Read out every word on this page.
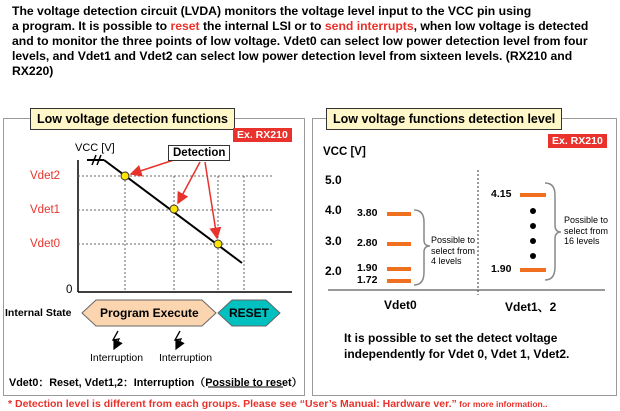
The voltage detection circuit (LVDA) monitors the voltage level input to the VCC pin using
a program. It is possible to reset the internal LSI or to send interrupts, when low voltage is detected and to monitor the three points of low voltage. Vdet0 can select low power detection level from four levels, and Vdet1 and Vdet2 can select low power detection level from sixteen levels. (RX210 and RX220)
Low voltage detection functions
Ex. RX210
VCC [V]	Detection
Vdet2
Vdet1
Vdet0
0
Internal State Program Execute	RESET
Interruption Interruption
Vdet0：Reset, Vdet1,2：Interruption（Possible to reset）
Low voltage functions detection level
Ex. RX210
VCC [V]
5.0
4.0
3.0
2.0
3.80
2.80
1.90
1.72
4.15
1.90
Possible to
select from
4 levels
Possible to
select from
16 levels
Vdet0	Vdet1、2
It is possible to set the detect voltage
independently for Vdet 0, Vdet 1, Vdet2.
* Detection level is different from each groups. Please see “User’s Manual: Hardware ver.” for more information..
